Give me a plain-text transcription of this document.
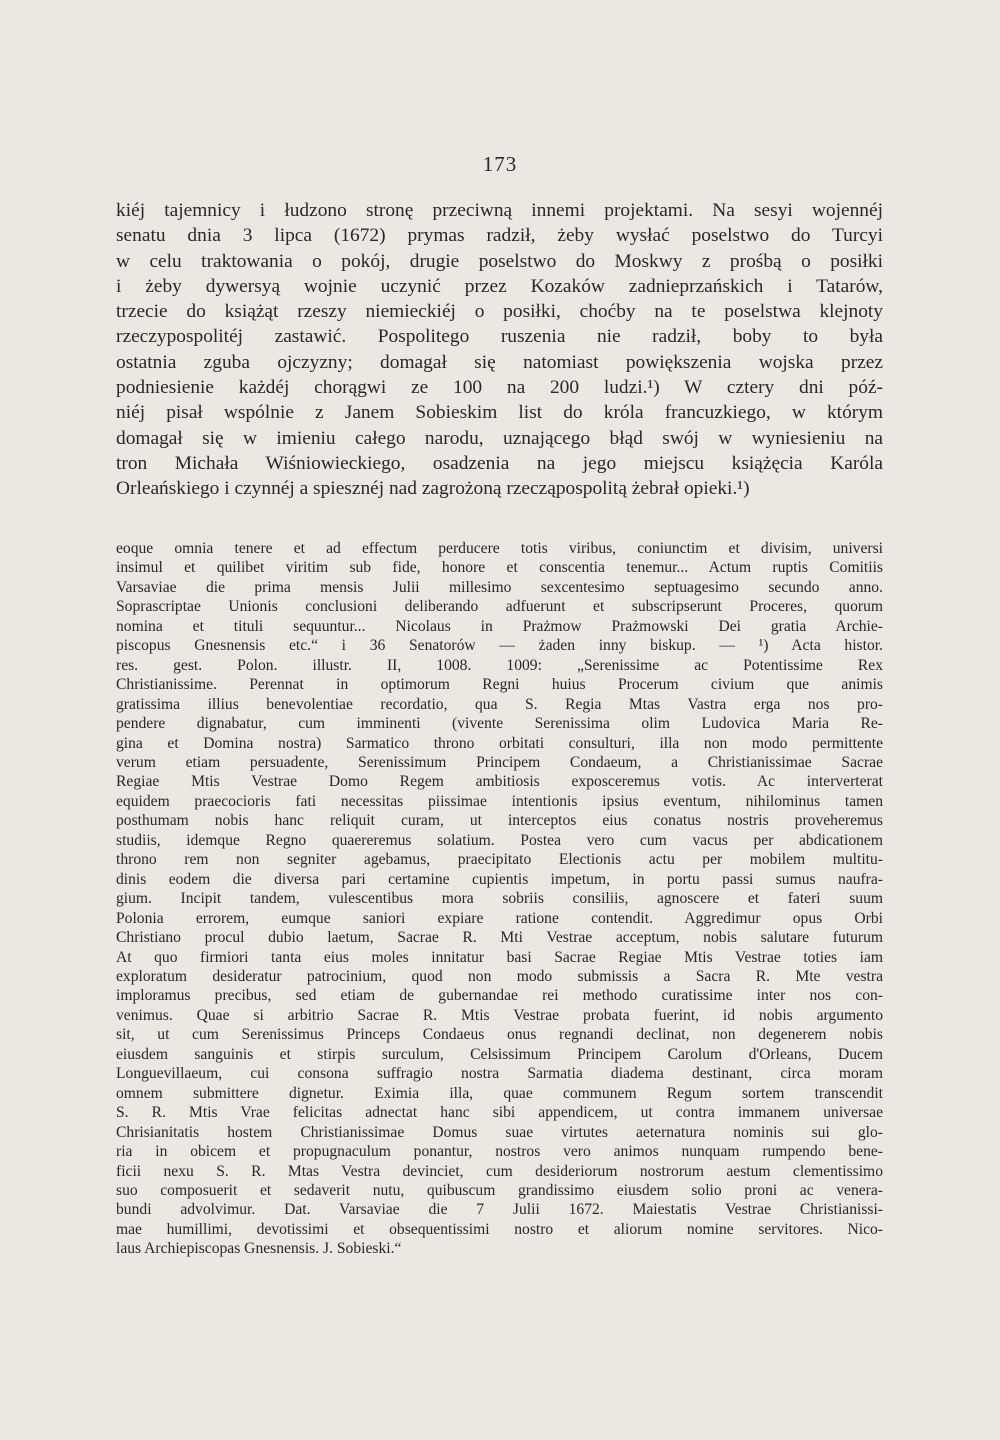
173
kiéj tajemnicy i łudzono stronę przeciwną innemi projektami. Na sesyi wojennéj
senatu dnia 3 lipca (1672) prymas radził, żeby wysłać poselstwo do Turcyi
w celu traktowania o pokój, drugie poselstwo do Moskwy z prośbą o posiłki
i żeby dywersyą wojnie uczynić przez Kozaków zadnieprzańskich i Tatarów,
trzecie do książąt rzeszy niemieckiéj o posiłki, choćby na te poselstwa klejnoty
rzeczypospolitéj zastawić. Pospolitego ruszenia nie radził, boby to była
ostatnia zguba ojczyzny; domagał się natomiast powiększenia wojska przez
podniesienie każdéj chorągwi ze 100 na 200 ludzi.¹) W cztery dni póź-
niéj pisał wspólnie z Janem Sobieskim list do króla francuzkiego, w którym
domagał się w imieniu całego narodu, uznającego błąd swój w wyniesieniu na
tron Michała Wiśniowieckiego, osadzenia na jego miejscu książęcia Karóla
Orleańskiego i czynnéj a spiesznéj nad zagrożoną rzecząpospolitą żebrał opieki.¹)
eoque omnia tenere et ad effectum perducere totis viribus, coniunctim et divisim, universi
insimul et quilibet viritim sub fide, honore et conscentia tenemur... Actum ruptis Comitiis
Varsaviae die prima mensis Julii millesimo sexcentesimo septuagesimo secundo anno.
Soprascriptae Unionis conclusioni deliberando adfuerunt et subscripserunt Proceres, quorum
nomina et tituli sequuntur... Nicolaus in Prażmow Prażmowski Dei gratia Archie-
piscopus Gnesnensis etc.“ i 36 Senatorów — żaden inny biskup. — ¹) Acta histor.
res. gest. Polon. illustr. II, 1008. 1009: „Serenissime ac Potentissime Rex
Christianissime. Perennat in optimorum Regni huius Procerum civium que animis
gratissima illius benevolentiae recordatio, qua S. Regia Mtas Vastra erga nos pro-
pendere dignabatur, cum imminenti (vivente Serenissima olim Ludovica Maria Re-
gina et Domina nostra) Sarmatico throno orbitati consulturi, illa non modo permittente
verum etiam persuadente, Serenissimum Principem Condaeum, a Christianissimae Sacrae
Regiae Mtis Vestrae Domo Regem ambitiosis exposceremus votis. Ac interverterat
equidem praecocioris fati necessitas piissimae intentionis ipsius eventum, nihilominus tamen
posthumam nobis hanc reliquit curam, ut interceptos eius conatus nostris proveheremus
studiis, idemque Regno quaereremus solatium. Postea vero cum vacus per abdicationem
throno rem non segniter agebamus, praecipitato Electionis actu per mobilem multitu-
dinis eodem die diversa pari certamine cupientis impetum, in portu passi sumus naufra-
gium. Incipit tandem, vulescentibus mora sobriis consiliis, agnoscere et fateri suum
Polonia errorem, eumque saniori expiare ratione contendit. Aggredimur opus Orbi
Christiano procul dubio laetum, Sacrae R. Mti Vestrae acceptum, nobis salutare futurum
At quo firmiori tanta eius moles innitatur basi Sacrae Regiae Mtis Vestrae toties iam
exploratum desideratur patrocinium, quod non modo submissis a Sacra R. Mte vestra
imploramus precibus, sed etiam de gubernandae rei methodo curatissime inter nos con-
venimus. Quae si arbitrio Sacrae R. Mtis Vestrae probata fuerint, id nobis argumento
sit, ut cum Serenissimus Princeps Condaeus onus regnandi declinat, non degenerem nobis
eiusdem sanguinis et stirpis surculum, Celsissimum Principem Carolum d'Orleans, Ducem
Longuevillaeum, cui consona suffragio nostra Sarmatia diadema destinant, circa moram
omnem submittere dignetur. Eximia illa, quae communem Regum sortem transcendit
S. R. Mtis Vrae felicitas adnectat hanc sibi appendicem, ut contra immanem universae
Chrisianitatis hostem Christianissimae Domus suae virtutes aeternatura nominis sui glo-
ria in obicem et propugnaculum ponantur, nostros vero animos nunquam rumpendo bene-
ficii nexu S. R. Mtas Vestra devinciet, cum desideriorum nostrorum aestum clementissimo
suo composuerit et sedaverit nutu, quibuscum grandissimo eiusdem solio proni ac venera-
bundi advolvimur. Dat. Varsaviae die 7 Julii 1672. Maiestatis Vestrae Christianissi-
mae humillimi, devotissimi et obsequentissimi nostro et aliorum nomine servitores. Nico-
laus Archiepiscopas Gnesnensis. J. Sobieski.“
